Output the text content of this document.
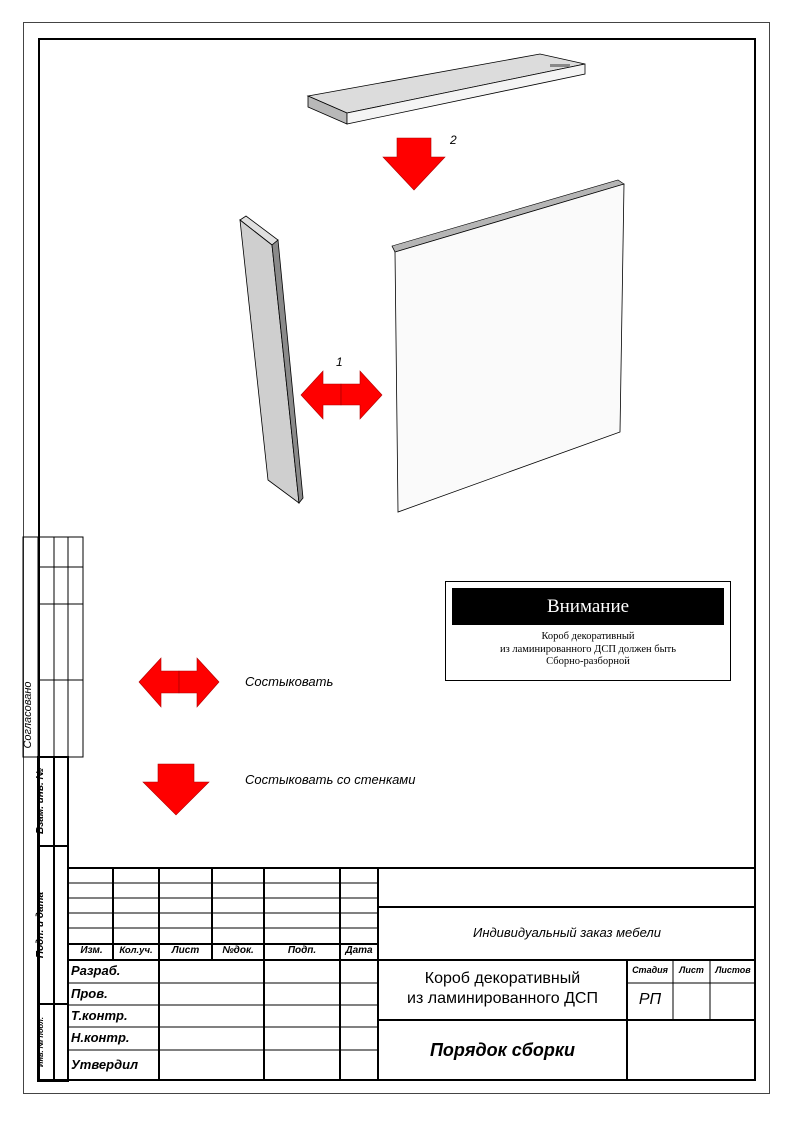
2
1
Внимание
Короб декоративный
из ламинированного ДСП должен быть
Сборно-разборной
Состыковать
Состыковать со стенками
Согласовано
Взам. инв. №
Подп. и дата
Инв. № подл.
Изм.	Кол.уч.	Лист	№док.	Подп.	Дата
Разраб.
Пров.
Т.контр.
Н.контр.
Утвердил
Индивидуальный заказ мебели
Короб декоративный
из ламинированного ДСП
Стадия	Лист	Листов
РП
Порядок сборки
